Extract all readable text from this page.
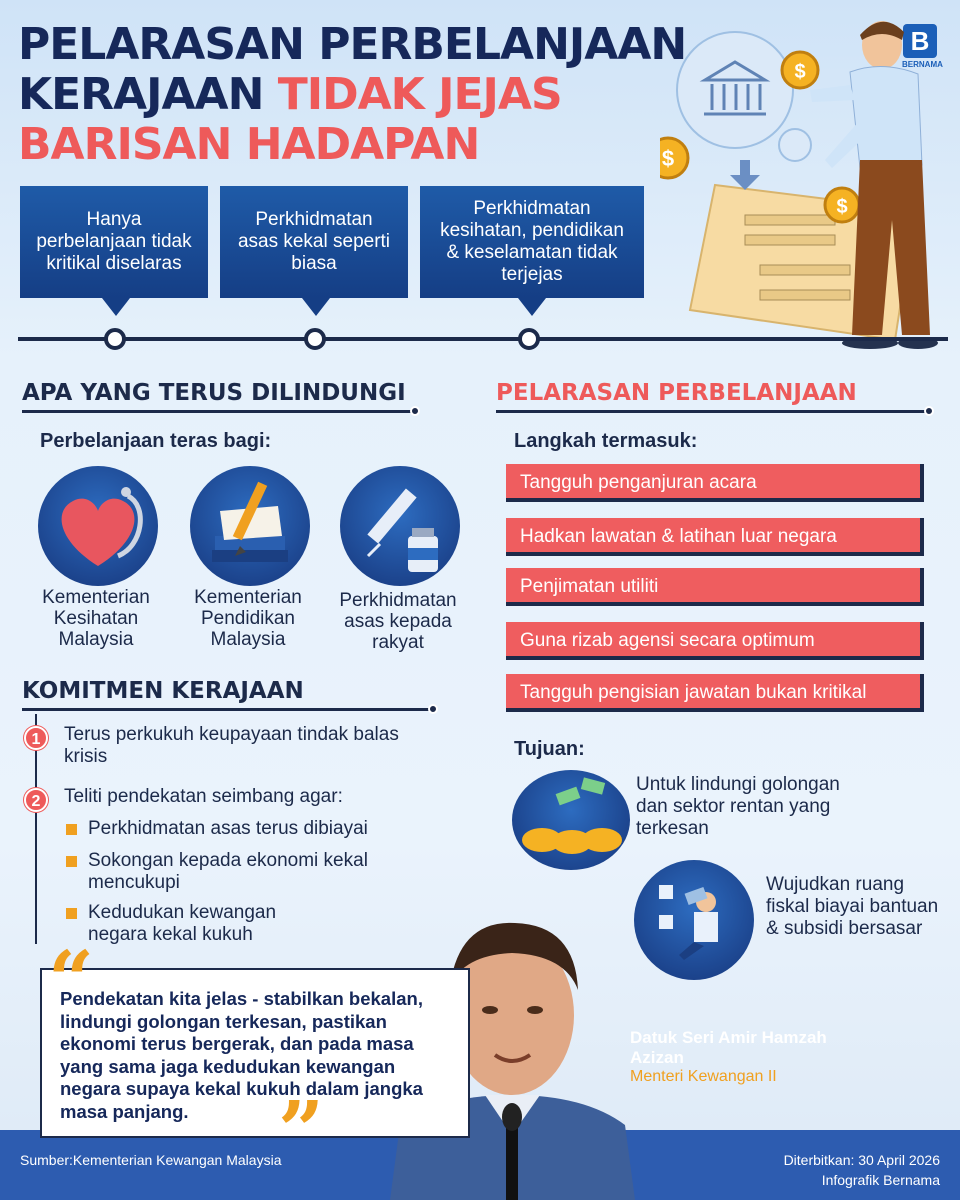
PELARASAN PERBELANJAAN
KERAJAAN TIDAK JEJAS
BARISAN HADAPAN
B
BERNAMA
$
$
$
Hanya perbelanjaan tidak kritikal diselaras
Perkhidmatan asas kekal seperti biasa
Perkhidmatan kesihatan, pendidikan & keselamatan tidak terjejas
APA YANG TERUS DILINDUNGI
Perbelanjaan teras bagi:
Kementerian Kesihatan Malaysia
Kementerian Pendidikan Malaysia
Perkhidmatan asas kepada rakyat
KOMITMEN KERAJAAN
1	Terus perkukuh keupayaan tindak balas krisis
2	Teliti pendekatan seimbang agar:
Perkhidmatan asas terus dibiayai
Sokongan kepada ekonomi kekal mencukupi
Kedudukan kewangan negara kekal kukuh
PELARASAN PERBELANJAAN
Langkah termasuk:
Tangguh penganjuran acara
Hadkan lawatan & latihan luar negara
Penjimatan utiliti
Guna rizab agensi secara optimum
Tangguh pengisian jawatan bukan kritikal
Tujuan:
Untuk lindungi golongan dan sektor rentan yang terkesan
Wujudkan ruang fiskal biayai bantuan & subsidi bersasar
“
Pendekatan kita jelas - stabilkan bekalan, lindungi golongan terkesan, pastikan ekonomi terus bergerak, dan pada masa yang sama jaga kedudukan kewangan negara supaya kekal kukuh dalam jangka masa panjang.	”
Datuk Seri Amir Hamzah Azizan
Menteri Kewangan II
Sumber:Kementerian Kewangan Malaysia	Diterbitkan: 30 April 2026
Infografik Bernama
